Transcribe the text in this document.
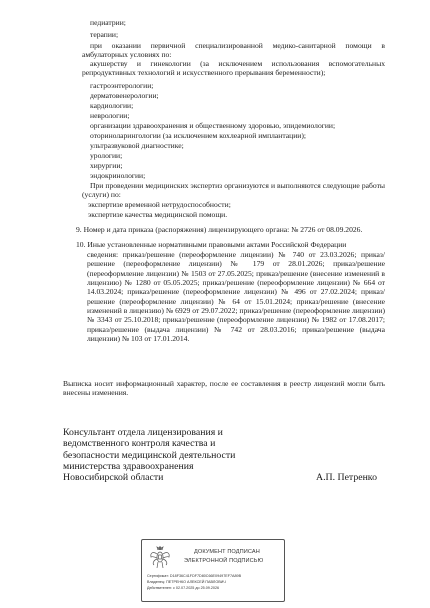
педиатрии;
терапии;
при оказании первичной специализированной медико-санитарной помощи в амбулаторных условиях по:
акушерству и гинекологии (за исключением использования вспомогательных репродуктивных технологий и искусственного прерывания беременности);
гастроэнтерологии;
дерматовенерологии;
кардиологии;
неврологии;
организации здравоохранения и общественному здоровью, эпидемиологии;
оториноларингологии (за исключением кохлеарной имплантации);
ультразвуковой диагностике;
урологии;
хирургии;
эндокринологии;
При проведении медицинских экспертиз организуются и выполняются следующие работы (услуги) по:
экспертизе временной нетрудоспособности;
экспертизе качества медицинской помощи.
9. Номер и дата приказа (распоряжения) лицензирующего органа: № 2726 от 08.09.2026.
10. Иные установленные нормативными правовыми актами Российской Федерации
сведения: приказ/решение (переоформление лицензии) № 740 от 23.03.2026; приказ/решение (переоформление лицензии) № 179 от 28.01.2026; приказ/решение (переоформление лицензии) № 1503 от 27.05.2025; приказ/решение (внесение изменений в лицензию) № 1280 от 05.05.2025; приказ/решение (переоформление лицензии) № 664 от 14.03.2024; приказ/решение (переоформление лицензии) № 496 от 27.02.2024; приказ/решение (переоформление лицензии) № 64 от 15.01.2024; приказ/решение (внесение изменений в лицензию) № 6929 от 29.07.2022; приказ/решение (переоформление лицензии) № 3343 от 25.10.2018; приказ/решение (переоформление лицензии) № 1982 от 17.08.2017; приказ/решение (выдача лицензии) № 742 от 28.03.2016; приказ/решение (выдача лицензии) № 103 от 17.01.2014.
Выписка носит информационный характер, после ее составления в реестр лицензий могли быть внесены изменения.
Консультант отдела лицензирования и
ведомственного контроля качества и
безопасности медицинской деятельности
министерства здравоохранения
Новосибирской области	А.П. Петренко
ДОКУМЕНТ ПОДПИСАН
ЭЛЕКТРОННОЙ ПОДПИСЬЮ
Сертификат: D18F36C41FDF7D80C66E09497EF7A89B
Владелец: ПЕТРЕНКО АЛЕКСЕЙ ПАВЛОВИЧ
Действителен: с 02.07.2025 до 25.09.2026
